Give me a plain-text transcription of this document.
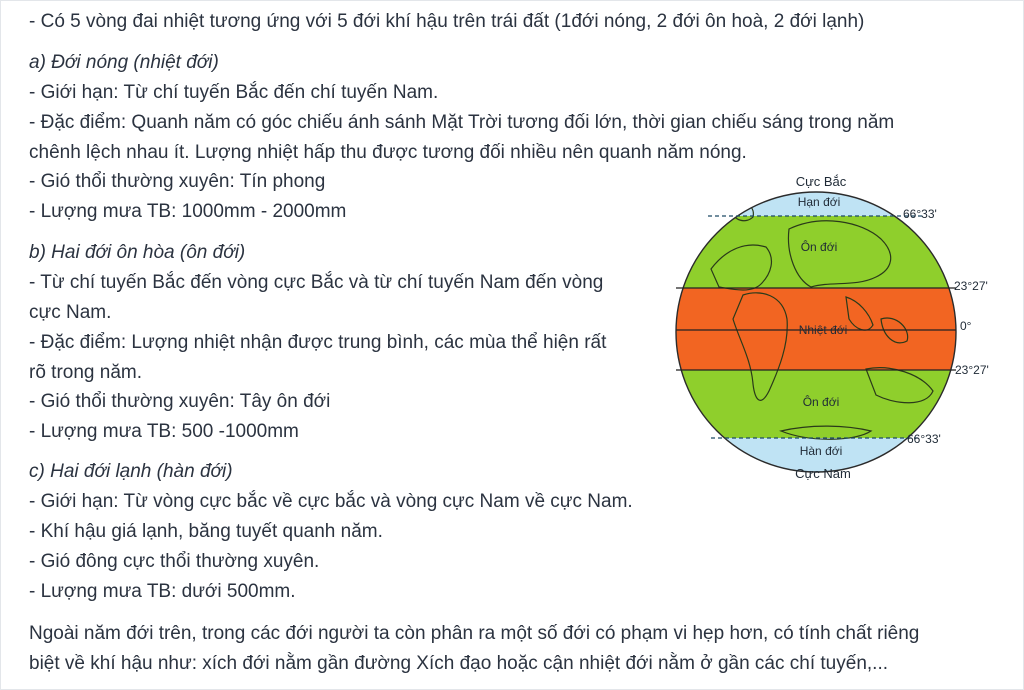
- Có 5 vòng đai nhiệt tương ứng với 5 đới khí hậu trên trái đất (1đới nóng, 2 đới ôn hoà, 2 đới lạnh)
a) Đới nóng (nhiệt đới)
- Giới hạn: Từ chí tuyến Bắc đến chí tuyến Nam.
- Đặc điểm: Quanh năm có góc chiếu ánh sánh Mặt Trời tương đối lớn, thời gian chiếu sáng trong năm
chênh lệch nhau ít. Lượng nhiệt hấp thu được tương đối nhiều nên quanh năm nóng.
- Gió thổi thường xuyên: Tín phong
- Lượng mưa TB: 1000mm - 2000mm
b) Hai đới ôn hòa (ôn đới)
- Từ chí tuyến Bắc đến vòng cực Bắc và từ chí tuyến Nam đến vòng
cực Nam.
- Đặc điểm: Lượng nhiệt nhận được trung bình, các mùa thể hiện rất
rõ trong năm.
- Gió thổi thường xuyên: Tây ôn đới
- Lượng mưa TB: 500 -1000mm
c) Hai đới lạnh (hàn đới)
- Giới hạn: Từ vòng cực bắc về cực bắc và vòng cực Nam về cực Nam.
- Khí hậu giá lạnh, băng tuyết quanh năm.
- Gió đông cực thổi thường xuyên.
- Lượng mưa TB: dưới 500mm.
Ngoài năm đới trên, trong các đới người ta còn phân ra một số đới có phạm vi hẹp hơn, có tính chất riêng
biệt về khí hậu như: xích đới nằm gần đường Xích đạo hoặc cận nhiệt đới nằm ở gần các chí tuyến,...
Cực Bắc
Hạn đới
Ôn đới
Nhiệt đới
Ôn đới
Hàn đới
Cực Nam
66°33'
23°27'
0°
23°27'
66°33'
